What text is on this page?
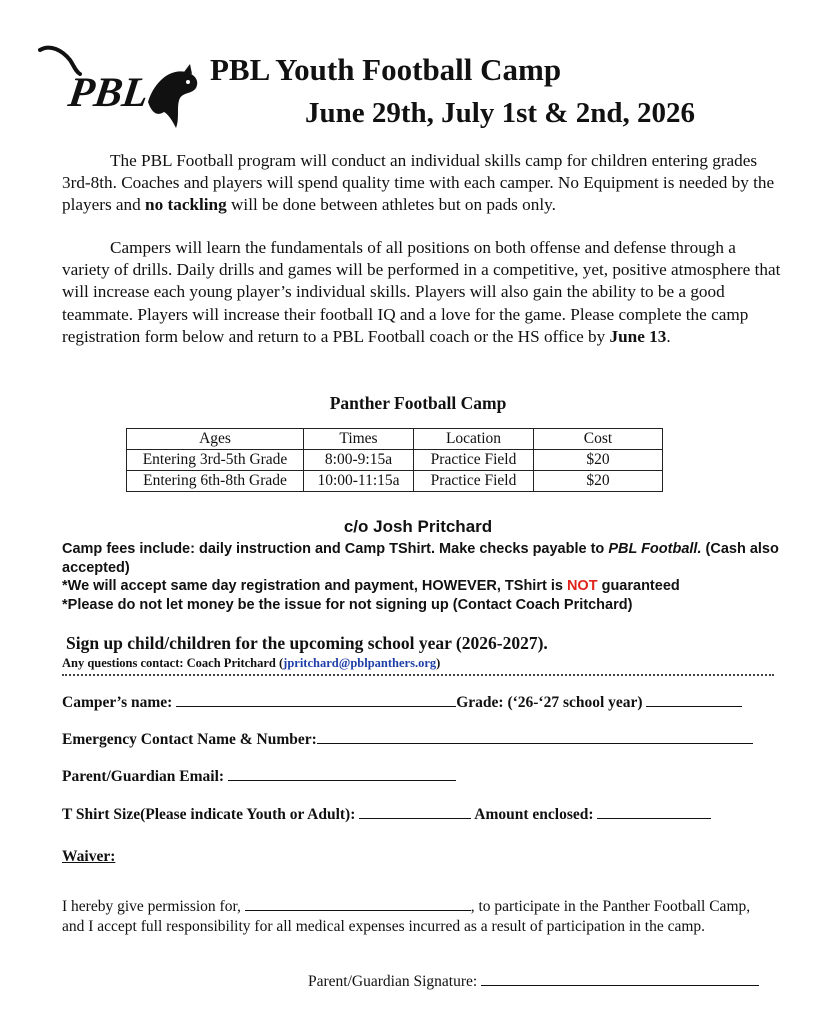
PBL PBL Youth Football Camp
June 29th, July 1st & 2nd, 2026
The PBL Football program will conduct an individual skills camp for children entering grades 3rd-8th. Coaches and players will spend quality time with each camper. No Equipment is needed by the players and no tackling will be done between athletes but on pads only.
Campers will learn the fundamentals of all positions on both offense and defense through a variety of drills. Daily drills and games will be performed in a competitive, yet, positive atmosphere that will increase each young player’s individual skills. Players will also gain the ability to be a good teammate. Players will increase their football IQ and a love for the game. Please complete the camp registration form below and return to a PBL Football coach or the HS office by June 13.
Panther Football Camp
Ages	Times	Location	Cost
Entering 3rd-5th Grade	8:00-9:15a	Practice Field	$20
Entering 6th-8th Grade	10:00-11:15a	Practice Field	$20
c/o Josh Pritchard
Camp fees include: daily instruction and Camp TShirt. Make checks payable to PBL Football. (Cash also accepted)
*We will accept same day registration and payment, HOWEVER, TShirt is NOT guaranteed
*Please do not let money be the issue for not signing up (Contact Coach Pritchard)
Sign up child/children for the upcoming school year (2026-2027).
Any questions contact: Coach Pritchard (jpritchard@pblpanthers.org)
Camper’s name:	Grade: (‘26-‘27 school year)
Emergency Contact Name & Number:
Parent/Guardian Email:
T Shirt Size(Please indicate Youth or Adult):	Amount enclosed:
Waiver:
I hereby give permission for,	, to participate in the Panther Football Camp, and I accept full responsibility for all medical expenses incurred as a result of participation in the camp.
Parent/Guardian Signature:
